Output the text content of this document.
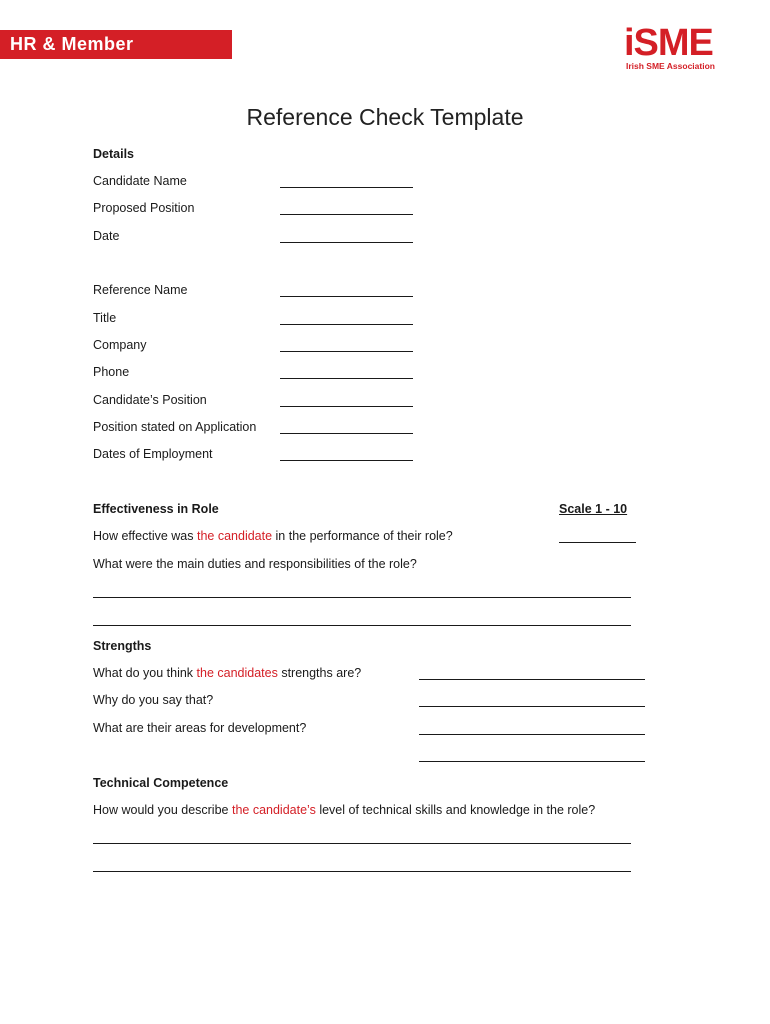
HR & Member	iSME
Irish SME Association
Reference Check Template
Details
Candidate Name
Proposed Position
Date
Reference Name
Title
Company
Phone
Candidate’s Position
Position stated on Application
Dates of Employment
Effectiveness in Role	Scale 1 - 10
How effective was the candidate in the performance of their role?
What were the main duties and responsibilities of the role?
Strengths
What do you think the candidates strengths are?
Why do you say that?
What are their areas for development?
Technical Competence
How would you describe the candidate’s level of technical skills and knowledge in the role?
